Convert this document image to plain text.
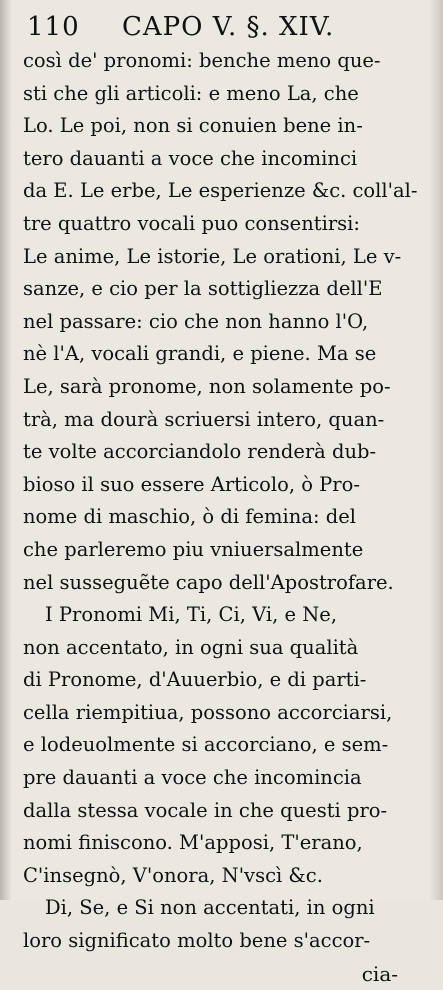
110 CAPO V. §. XIV.
così de' pronomi: benche meno que-
sti che gli articoli: e meno La, che
Lo. Le poi, non si conuien bene in-
tero dauanti a voce che incominci
da E. Le erbe, Le esperienze &c. coll'al-
tre quattro vocali puo consentirsi:
Le anime, Le istorie, Le orationi, Le v-
sanze, e cio per la sottigliezza dell'E
nel passare: cio che non hanno l'O,
nè l'A, vocali grandi, e piene. Ma se
Le, sarà pronome, non solamente po-
trà, ma dourà scriuersi intero, quan-
te volte accorciandolo renderà dub-
bioso il suo essere Articolo, ò Pro-
nome di maschio, ò di femina: del
che parleremo piu vniuersalmente
nel susseguẽte capo dell'Apostrofare.
I Pronomi Mi, Ti, Ci, Vi, e Ne,
non accentato, in ogni sua qualità
di Pronome, d'Auuerbio, e di parti-
cella riempitiua, possono accorciarsi,
e lodeuolmente si accorciano, e sem-
pre dauanti a voce che incomincia
dalla stessa vocale in che questi pro-
nomi finiscono. M'apposi, T'erano,
C'insegnò, V'onora, N'vscì &c.
Di, Se, e Si non accentati, in ogni
loro significato molto bene s'accor-
cia-
